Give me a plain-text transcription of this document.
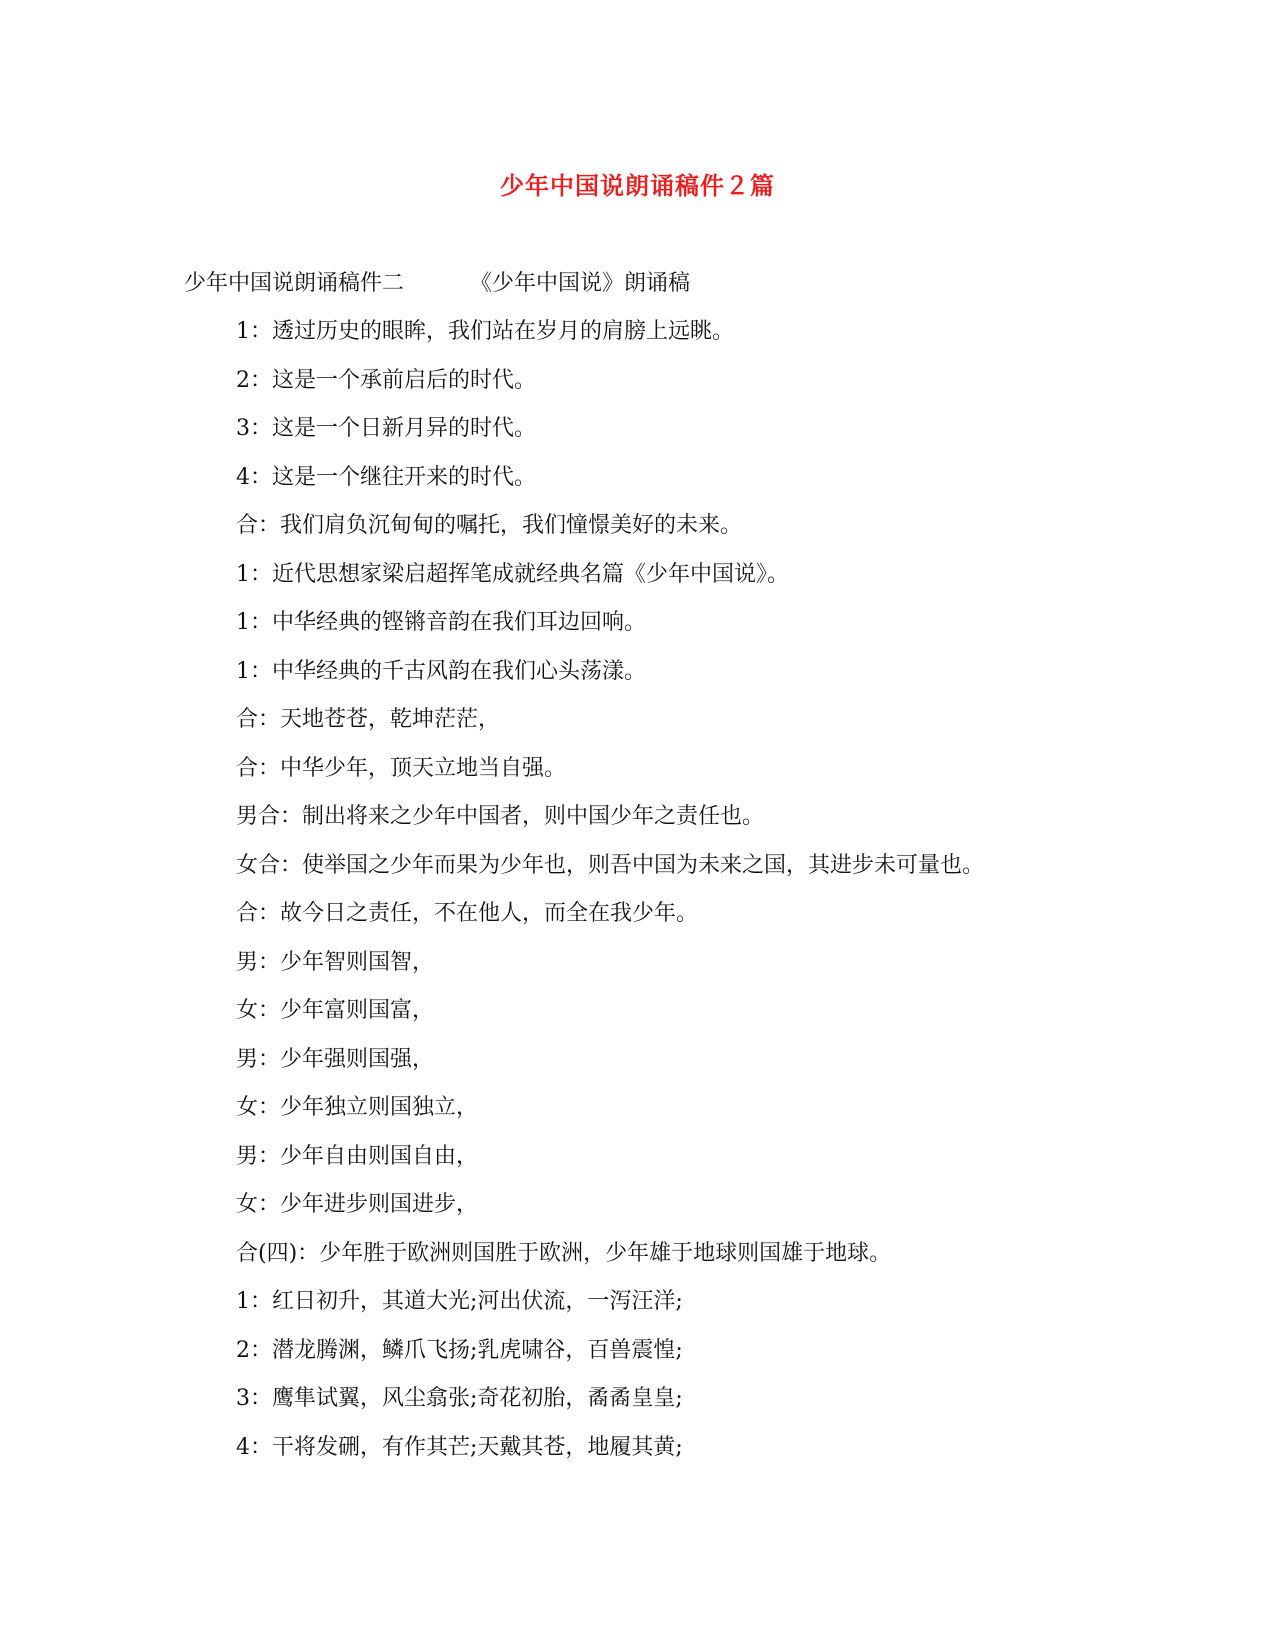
少年中国说朗诵稿件２篇
少年中国说朗诵稿件二	《少年中国说》朗诵稿
1：透过历史的眼眸，我们站在岁月的肩膀上远眺。
2：这是一个承前启后的时代。
3：这是一个日新月异的时代。
4：这是一个继往开来的时代。
合：我们肩负沉甸甸的嘱托，我们憧憬美好的未来。
1：近代思想家梁启超挥笔成就经典名篇《少年中国说》。
1：中华经典的铿锵音韵在我们耳边回响。
1：中华经典的千古风韵在我们心头荡漾。
合：天地苍苍，乾坤茫茫，
合：中华少年，顶天立地当自强。
男合：制出将来之少年中国者，则中国少年之责任也。
女合：使举国之少年而果为少年也，则吾中国为未来之国，其进步未可量也。
合：故今日之责任，不在他人，而全在我少年。
男：少年智则国智，
女：少年富则国富，
男：少年强则国强，
女：少年独立则国独立，
男：少年自由则国自由，
女：少年进步则国进步，
合(四)：少年胜于欧洲则国胜于欧洲，少年雄于地球则国雄于地球。
1：红日初升，其道大光;河出伏流，一泻汪洋;
2：潜龙腾渊，鳞爪飞扬;乳虎啸谷，百兽震惶;
3：鹰隼试翼，风尘翕张;奇花初胎，矞矞皇皇;
4：干将发硎，有作其芒;天戴其苍，地履其黄;
